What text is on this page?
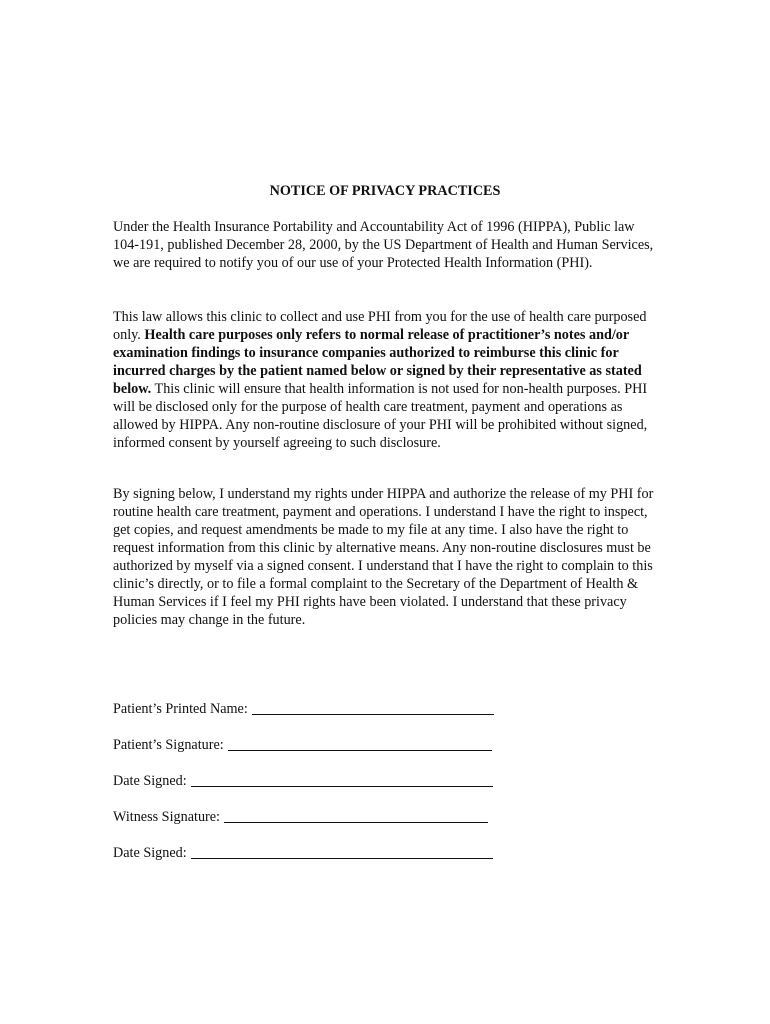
NOTICE OF PRIVACY PRACTICES

Under the Health Insurance Portability and Accountability Act of 1996 (HIPPA), Public law 104-191, published December 28, 2000, by the US Department of Health and Human Services, we are required to notify you of our use of your Protected Health Information (PHI).

This law allows this clinic to collect and use PHI from you for the use of health care purposed only. Health care purposes only refers to normal release of practitioner’s notes and/or examination findings to insurance companies authorized to reimburse this clinic for incurred charges by the patient named below or signed by their representative as stated below. This clinic will ensure that health information is not used for non-health purposes. PHI will be disclosed only for the purpose of health care treatment, payment and operations as allowed by HIPPA. Any non-routine disclosure of your PHI will be prohibited without signed, informed consent by yourself agreeing to such disclosure.

By signing below, I understand my rights under HIPPA and authorize the release of my PHI for routine health care treatment, payment and operations. I understand I have the right to inspect, get copies, and request amendments be made to my file at any time. I also have the right to request information from this clinic by alternative means. Any non-routine disclosures must be authorized by myself via a signed consent. I understand that I have the right to complain to this clinic’s directly, or to file a formal complaint to the Secretary of the Department of Health & Human Services if I feel my PHI rights have been violated. I understand that these privacy policies may change in the future.

Patient’s Printed Name:
Patient’s Signature:
Date Signed:
Witness Signature:
Date Signed:
